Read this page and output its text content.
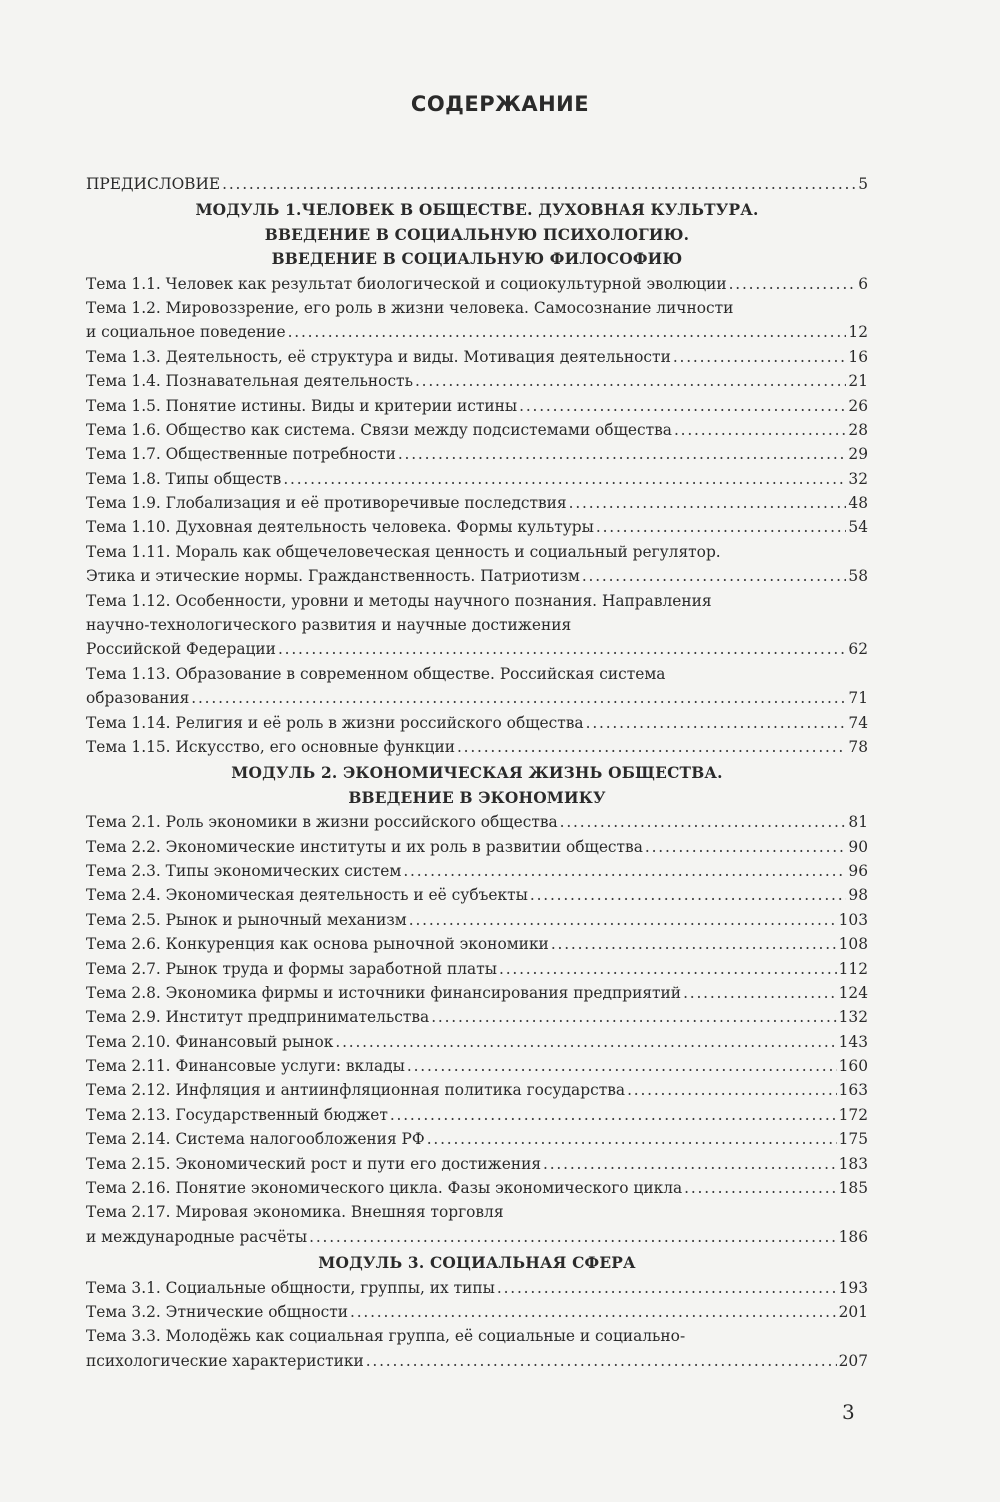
СОДЕРЖАНИЕ
ПРЕДИСЛОВИЕ .....	5
МОДУЛЬ 1.ЧЕЛОВЕК В ОБЩЕСТВЕ. ДУХОВНАЯ КУЛЬТУРА.
ВВЕДЕНИЕ В СОЦИАЛЬНУЮ ПСИХОЛОГИЮ.
ВВЕДЕНИЕ В СОЦИАЛЬНУЮ ФИЛОСОФИЮ
Тема 1.1. Человек как результат биологической и социокультурной эволюции .....	6
Тема 1.2. Мировоззрение, его роль в жизни человека. Самосознание личности
и социальное поведение .....	12
Тема 1.3. Деятельность, её структура и виды. Мотивация деятельности .....	16
Тема 1.4. Познавательная деятельность .....	21
Тема 1.5. Понятие истины. Виды и критерии истины .....	26
Тема 1.6. Общество как система. Связи между подсистемами общества .....	28
Тема 1.7. Общественные потребности .....	29
Тема 1.8. Типы обществ .....	32
Тема 1.9. Глобализация и её противоречивые последствия .....	48
Тема 1.10. Духовная деятельность человека. Формы культуры .....	54
Тема 1.11. Мораль как общечеловеческая ценность и социальный регулятор.
Этика и этические нормы. Гражданственность. Патриотизм .....	58
Тема 1.12. Особенности, уровни и методы научного познания. Направления
научно-технологического развития и научные достижения
Российской Федерации .....	62
Тема 1.13. Образование в современном обществе. Российская система
образования .....	71
Тема 1.14. Религия и её роль в жизни российского общества .....	74
Тема 1.15. Искусство, его основные функции .....	78
МОДУЛЬ 2. ЭКОНОМИЧЕСКАЯ ЖИЗНЬ ОБЩЕСТВА.
ВВЕДЕНИЕ В ЭКОНОМИКУ
Тема 2.1. Роль экономики в жизни российского общества .....	81
Тема 2.2. Экономические институты и их роль в развитии общества .....	90
Тема 2.3. Типы экономических систем .....	96
Тема 2.4. Экономическая деятельность и её субъекты .....	98
Тема 2.5. Рынок и рыночный механизм .....	103
Тема 2.6. Конкуренция как основа рыночной экономики .....	108
Тема 2.7. Рынок труда и формы заработной платы .....	112
Тема 2.8. Экономика фирмы и источники финансирования предприятий .....	124
Тема 2.9. Институт предпринимательства .....	132
Тема 2.10. Финансовый рынок .....	143
Тема 2.11. Финансовые услуги: вклады .....	160
Тема 2.12. Инфляция и антиинфляционная политика государства .....	163
Тема 2.13. Государственный бюджет .....	172
Тема 2.14. Система налогообложения РФ .....	175
Тема 2.15. Экономический рост и пути его достижения .....	183
Тема 2.16. Понятие экономического цикла. Фазы экономического цикла .....	185
Тема 2.17. Мировая экономика. Внешняя торговля
и международные расчёты .....	186
МОДУЛЬ 3. СОЦИАЛЬНАЯ СФЕРА
Тема 3.1. Социальные общности, группы, их типы .....	193
Тема 3.2. Этнические общности .....	201
Тема 3.3. Молодёжь как социальная группа, её социальные и социально-
психологические характеристики .....	207
3
